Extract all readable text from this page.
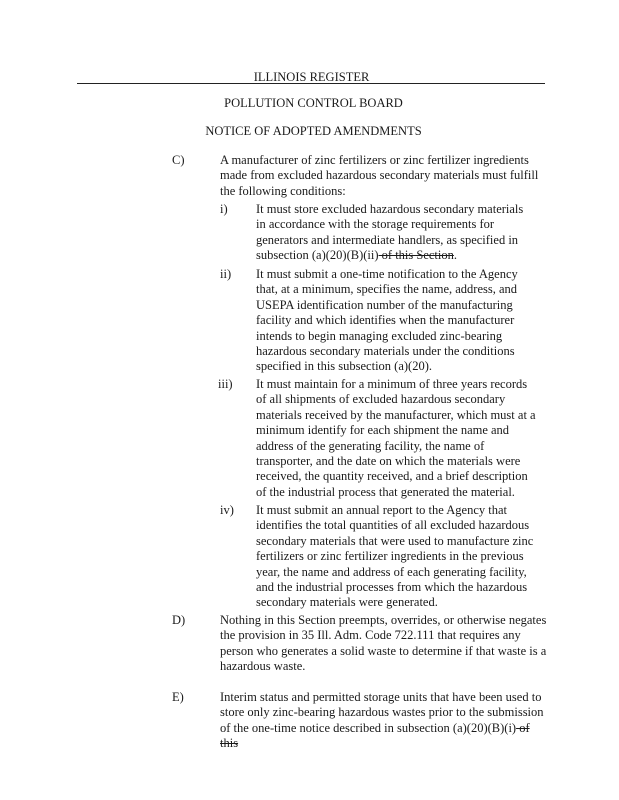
ILLINOIS REGISTER
POLLUTION CONTROL BOARD
NOTICE OF ADOPTED AMENDMENTS
C)	A manufacturer of zinc fertilizers or zinc fertilizer ingredients made from excluded hazardous secondary materials must fulfill the following conditions:
i) It must store excluded hazardous secondary materials in accordance with the storage requirements for generators and intermediate handlers, as specified in subsection (a)(20)(B)(ii) of this Section.
ii) It must submit a one-time notification to the Agency that, at a minimum, specifies the name, address, and USEPA identification number of the manufacturing facility and which identifies when the manufacturer intends to begin managing excluded zinc-bearing hazardous secondary materials under the conditions specified in this subsection (a)(20).
iii) It must maintain for a minimum of three years records of all shipments of excluded hazardous secondary materials received by the manufacturer, which must at a minimum identify for each shipment the name and address of the generating facility, the name of transporter, and the date on which the materials were received, the quantity received, and a brief description of the industrial process that generated the material.
iv) It must submit an annual report to the Agency that identifies the total quantities of all excluded hazardous secondary materials that were used to manufacture zinc fertilizers or zinc fertilizer ingredients in the previous year, the name and address of each generating facility, and the industrial processes from which the hazardous secondary materials were generated.
D)	Nothing in this Section preempts, overrides, or otherwise negates the provision in 35 Ill. Adm. Code 722.111 that requires any person who generates a solid waste to determine if that waste is a hazardous waste.
E)	Interim status and permitted storage units that have been used to store only zinc-bearing hazardous wastes prior to the submission of the one-time notice described in subsection (a)(20)(B)(i) of this
